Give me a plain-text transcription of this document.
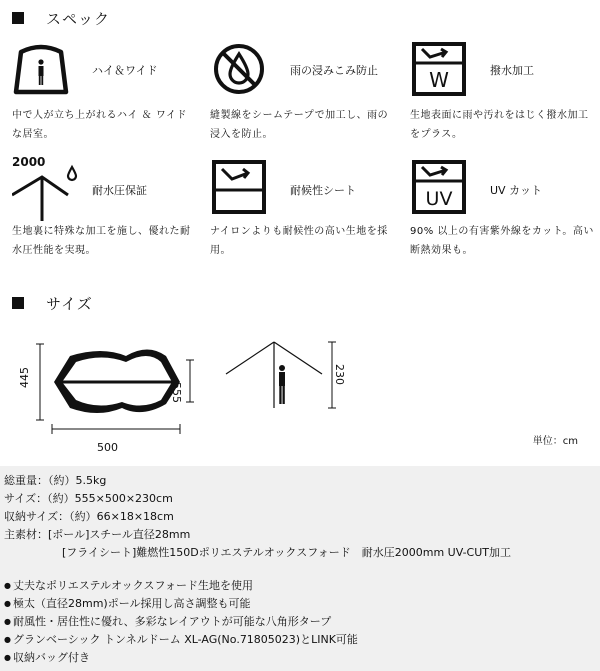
スペック
ハイ＆ワイド
中で人が立ち上がれるハイ ＆ ワイドな居室。
雨の浸みこみ防止
縫製線をシームテープで加工し、雨の浸入を防止。
W	撥水加工
生地表面に雨や汚れをはじく撥水加工をプラス。
2000
耐水圧保証
生地裏に特殊な加工を施し、優れた耐水圧性能を実現。
耐候性シート
ナイロンよりも耐候性の高い生地を採用。
UV	UV カット
90% 以上の有害紫外線をカット。高い断熱効果も。
サイズ
445
555
500
230
単位：cm
総重量：（約）5.5kg
サイズ：（約）555×500×230cm
収納サイズ：（約）66×18×18cm
主素材：[ポール]スチール直径28mm
[フライシート]難燃性150Dポリエステルオックスフォード　耐水圧2000mm UV-CUT加工
● 丈夫なポリエステルオックスフォード生地を使用
● 極太（直径28mm)ポール採用し高さ調整も可能
● 耐風性・居住性に優れ、多彩なレイアウトが可能な八角形タープ
● グランベーシック トンネルドーム XL-AG(No.71805023)とLINK可能
● 収納バッグ付き
